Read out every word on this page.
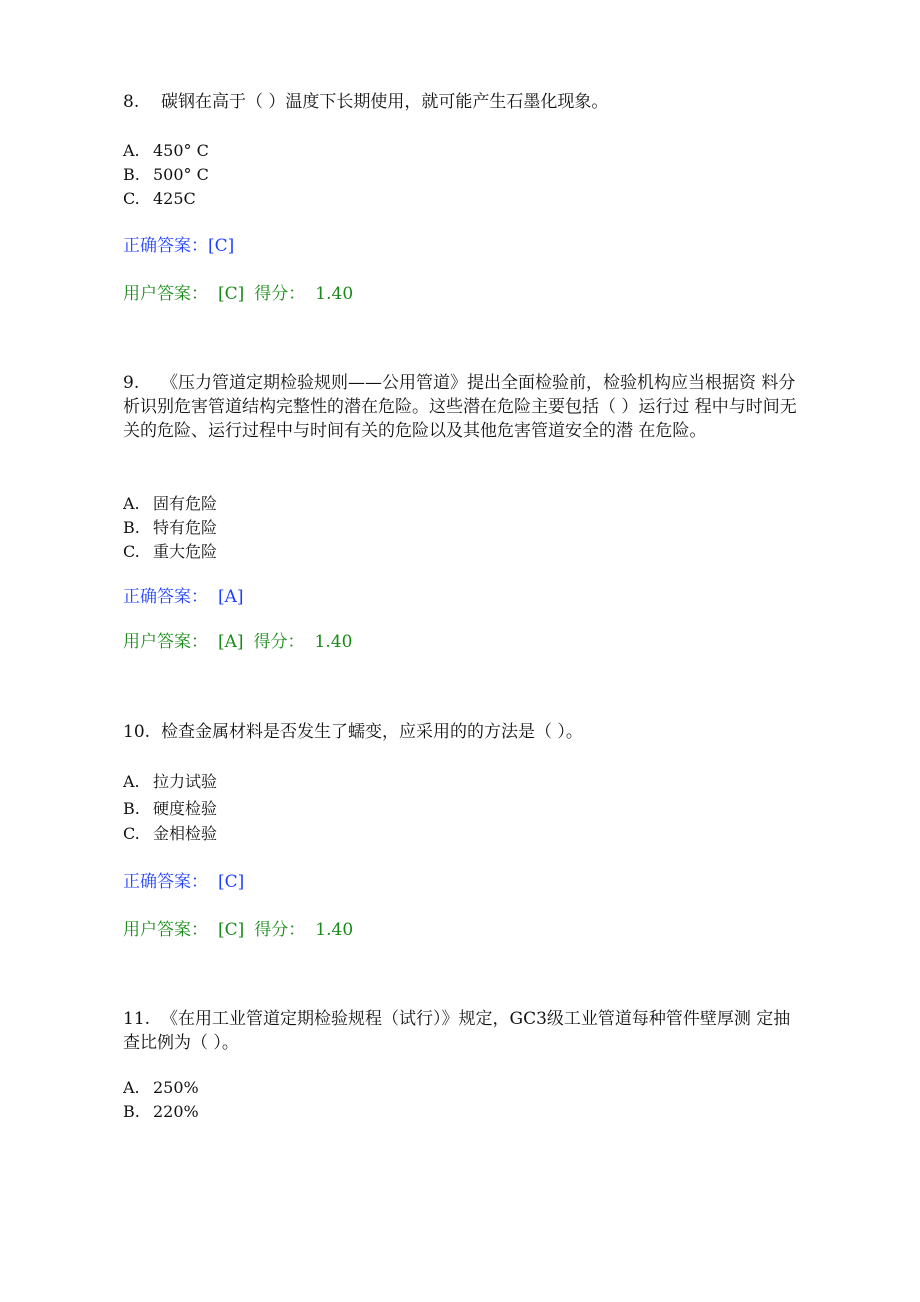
8. 碳钢在高于（ ）温度下长期使用，就可能产生石墨化现象。
A. 450° C
B. 500° C
C. 425C
正确答案：[C]
用户答案： [C] 得分： 1.40
9. 《压力管道定期检验规则——公用管道》提出全面检验前，检验机构应当根据资 料分析识别危害管道结构完整性的潜在危险。这些潜在危险主要包括（ ）运行过 程中与时间无关的危险、运行过程中与时间有关的危险以及其他危害管道安全的潜 在危险。
A. 固有危险
B. 特有危险
C. 重大危险
正确答案： [A]
用户答案： [A] 得分： 1.40
10. 检查金属材料是否发生了蠕变，应采用的的方法是（ ）。
A. 拉力试验
B. 硬度检验
C. 金相检验
正确答案： [C]
用户答案： [C] 得分： 1.40
11. 《在用工业管道定期检验规程（试行）》规定，GC3级工业管道每种管件壁厚测 定抽查比例为（ ）。
A. 250%
B. 220%
